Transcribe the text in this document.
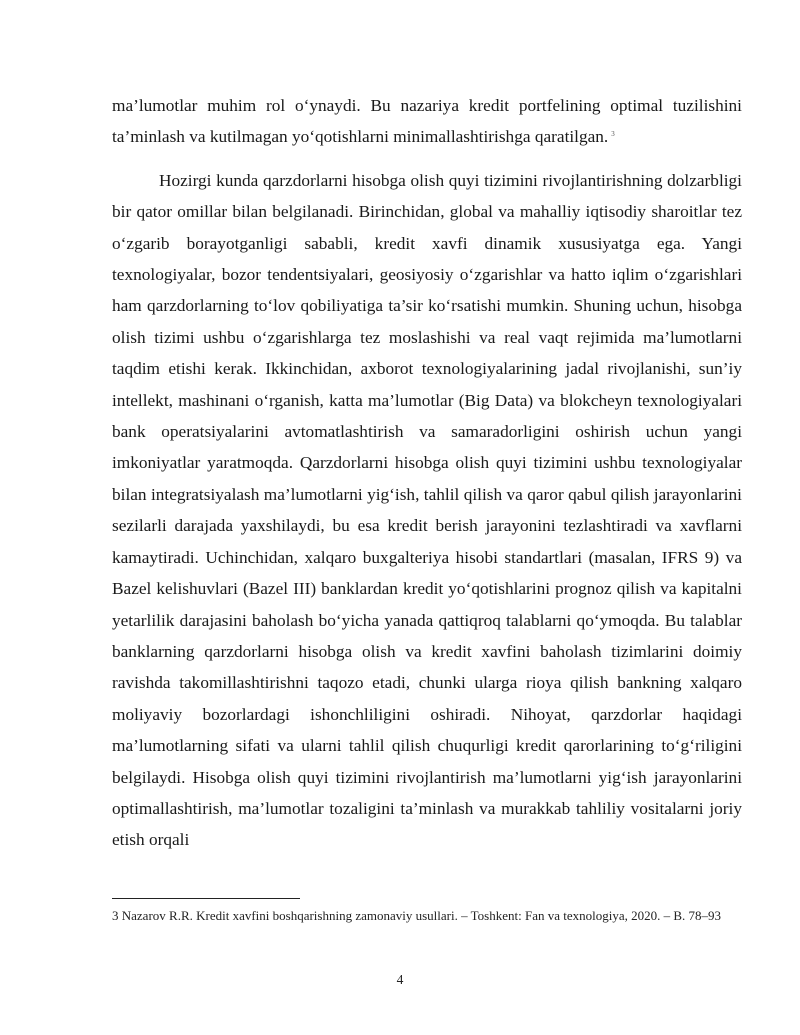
ma’lumotlar muhim rol o‘ynaydi. Bu nazariya kredit portfelining optimal tuzilishini ta’minlash va kutilmagan yo‘qotishlarni minimallashtirishga qaratilgan. $^3$

Hozirgi kunda qarzdorlarni hisobga olish quyi tizimini rivojlantirishning dolzarbligi bir qator omillar bilan belgilanadi. Birinchidan, global va mahalliy iqtisodiy sharoitlar tez o‘zgarib borayotganligi sababli, kredit xavfi dinamik xususiyatga ega. Yangi texnologiyalar, bozor tendentsiyalari, geosiyosiy o‘zgarishlar va hatto iqlim o‘zgarishlari ham qarzdorlarning to‘lov qobiliyatiga ta’sir ko‘rsatishi mumkin. Shuning uchun, hisobga olish tizimi ushbu o‘zgarishlarga tez moslashishi va real vaqt rejimida ma’lumotlarni taqdim etishi kerak. Ikkinchidan, axborot texnologiyalarining jadal rivojlanishi, sun’iy intellekt, mashinani o‘rganish, katta ma’lumotlar (Big Data) va blokcheyn texnologiyalari bank operatsiyalarini avtomatlashtirish va samaradorligini oshirish uchun yangi imkoniyatlar yaratmoqda. Qarzdorlarni hisobga olish quyi tizimini ushbu texnologiyalar bilan integratsiyalash ma’lumotlarni yig‘ish, tahlil qilish va qaror qabul qilish jarayonlarini sezilarli darajada yaxshilaydi, bu esa kredit berish jarayonini tezlashtiradi va xavflarni kamaytiradi. Uchinchidan, xalqaro buxgalteriya hisobi standartlari (masalan, IFRS 9) va Bazel kelishuvlari (Bazel III) banklardan kredit yo‘qotishlarini prognoz qilish va kapitalni yetarlilik darajasini baholash bo‘yicha yanada qattiqroq talablarni qo‘ymoqda. Bu talablar banklarning qarzdorlarni hisobga olish va kredit xavfini baholash tizimlarini doimiy ravishda takomillashtirishni taqozo etadi, chunki ularga rioya qilish bankning xalqaro moliyaviy bozorlardagi ishonchliligini oshiradi. Nihoyat, qarzdorlar haqidagi ma’lumotlarning sifati va ularni tahlil qilish chuqurligi kredit qarorlarining to‘g‘riligini belgilaydi. Hisobga olish quyi tizimini rivojlantirish ma’lumotlarni yig‘ish jarayonlarini optimallashtirish, ma’lumotlar tozaligini ta’minlash va murakkab tahliliy vositalarni joriy etish orqali

3 Nazarov R.R. Kredit xavfini boshqarishning zamonaviy usullari. – Toshkent: Fan va texnologiya, 2020. – B. 78–93
4
